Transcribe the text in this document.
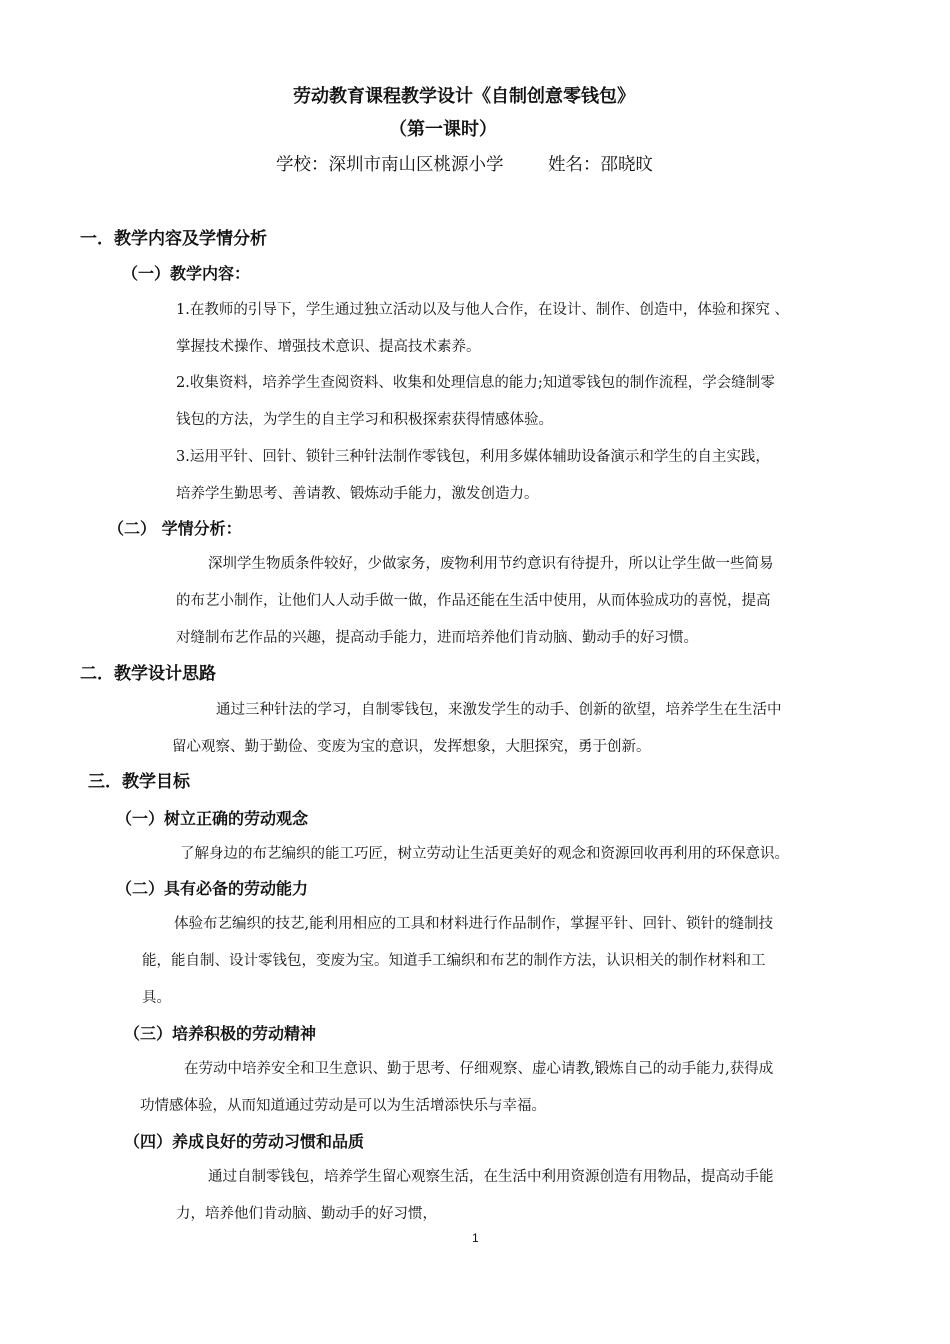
劳动教育课程教学设计《自制创意零钱包》
（第一课时）
学校：深圳市南山区桃源小学        姓名：邵晓旼
一．教学内容及学情分析
（一）教学内容：
1.在教师的引导下，学生通过独立活动以及与他人合作，在设计、制作、创造中，体验和探究 、
掌握技术操作、增强技术意识、提高技术素养。
2.收集资料，培养学生查阅资料、收集和处理信息的能力;知道零钱包的制作流程，学会缝制零
钱包的方法，为学生的自主学习和积极探索获得情感体验。
3.运用平针、回针、锁针三种针法制作零钱包，利用多媒体辅助设备演示和学生的自主实践，
培养学生勤思考、善请教、锻炼动手能力，激发创造力。
（二） 学情分析：
深圳学生物质条件较好，少做家务，废物利用节约意识有待提升，所以让学生做一些简易
的布艺小制作，让他们人人动手做一做，作品还能在生活中使用，从而体验成功的喜悦，提高
对缝制布艺作品的兴趣，提高动手能力，进而培养他们肯动脑、勤动手的好习惯。
二．教学设计思路
通过三种针法的学习，自制零钱包，来激发学生的动手、创新的欲望，培养学生在生活中
留心观察、勤于勤俭、变废为宝的意识，发挥想象，大胆探究，勇于创新。
三．教学目标
（一）树立正确的劳动观念
了解身边的布艺编织的能工巧匠，树立劳动让生活更美好的观念和资源回收再利用的环保意识。
（二）具有必备的劳动能力
体验布艺编织的技艺,能利用相应的工具和材料进行作品制作，掌握平针、回针、锁针的缝制技
能，能自制、设计零钱包，变废为宝。知道手工编织和布艺的制作方法，认识相关的制作材料和工
具。
（三）培养积极的劳动精神
在劳动中培养安全和卫生意识、勤于思考、仔细观察、虚心请教,锻炼自己的动手能力,获得成
功情感体验，从而知道通过劳动是可以为生活增添快乐与幸福。
（四）养成良好的劳动习惯和品质
通过自制零钱包，培养学生留心观察生活，在生活中利用资源创造有用物品，提高动手能
力，培养他们肯动脑、勤动手的好习惯，
1
